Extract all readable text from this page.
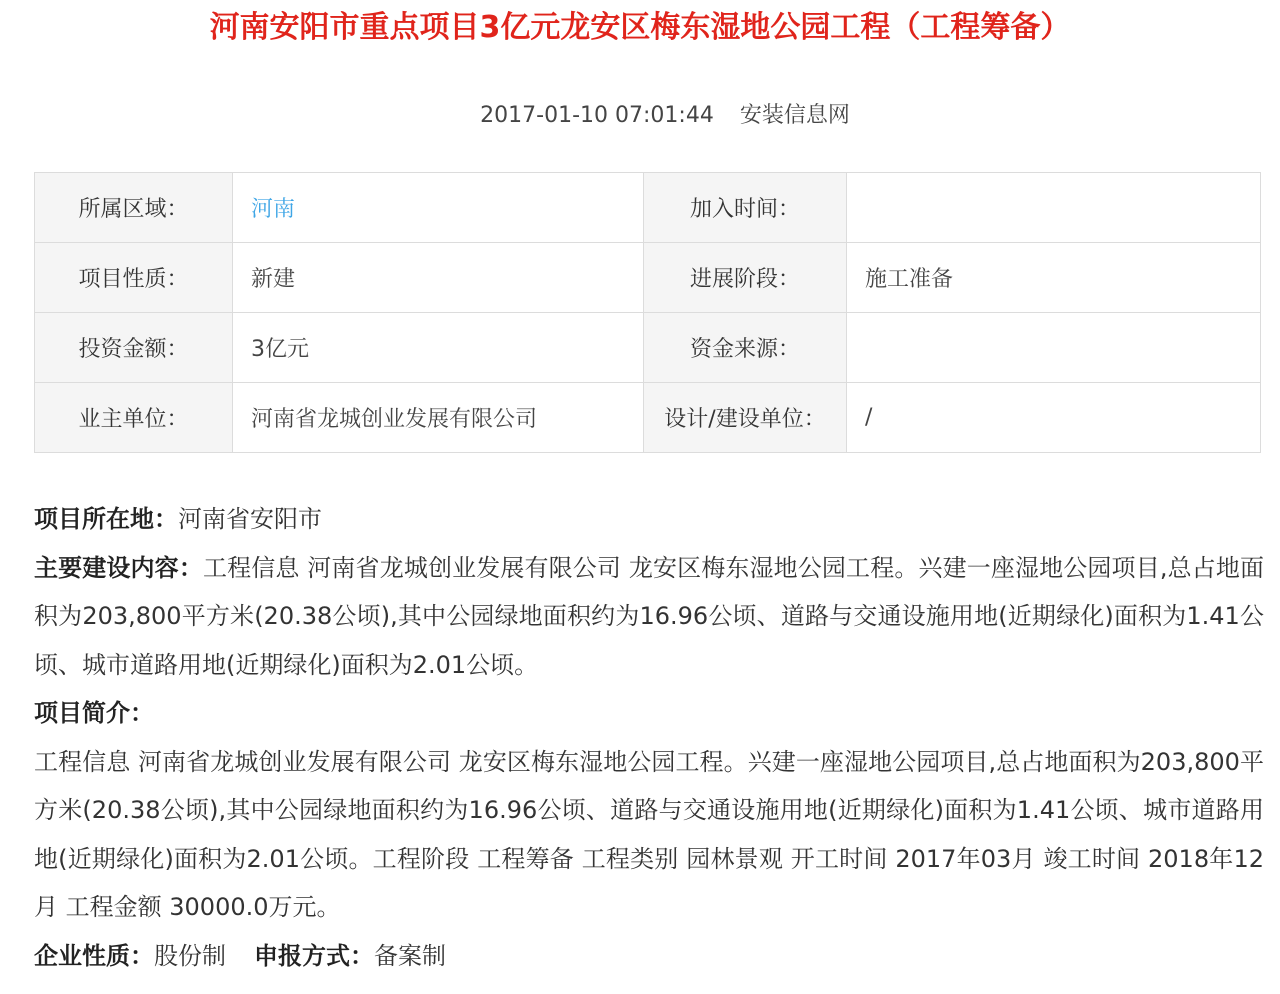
河南安阳市重点项目3亿元龙安区梅东湿地公园工程（工程筹备）
2017-01-10 07:01:44 安装信息网
所属区域：	河南	加入时间：	
项目性质：	新建	进展阶段：	施工准备
投资金额：	3亿元	资金来源：	
业主单位：	河南省龙城创业发展有限公司	设计/建设单位：	/

项目所在地：河南省安阳市

主要建设内容：工程信息 河南省龙城创业发展有限公司 龙安区梅东湿地公园工程。兴建一座湿地公园项目,总占地面积为203,800平方米(20.38公顷),其中公园绿地面积约为16.96公顷、道路与交通设施用地(近期绿化)面积为1.41公顷、城市道路用地(近期绿化)面积为2.01公顷。

项目简介：

工程信息 河南省龙城创业发展有限公司 龙安区梅东湿地公园工程。兴建一座湿地公园项目,总占地面积为203,800平方米(20.38公顷),其中公园绿地面积约为16.96公顷、道路与交通设施用地(近期绿化)面积为1.41公顷、城市道路用地(近期绿化)面积为2.01公顷。工程阶段 工程筹备 工程类别 园林景观 开工时间 2017年03月 竣工时间 2018年12月 工程金额 30000.0万元。

企业性质：股份制 申报方式：备案制
